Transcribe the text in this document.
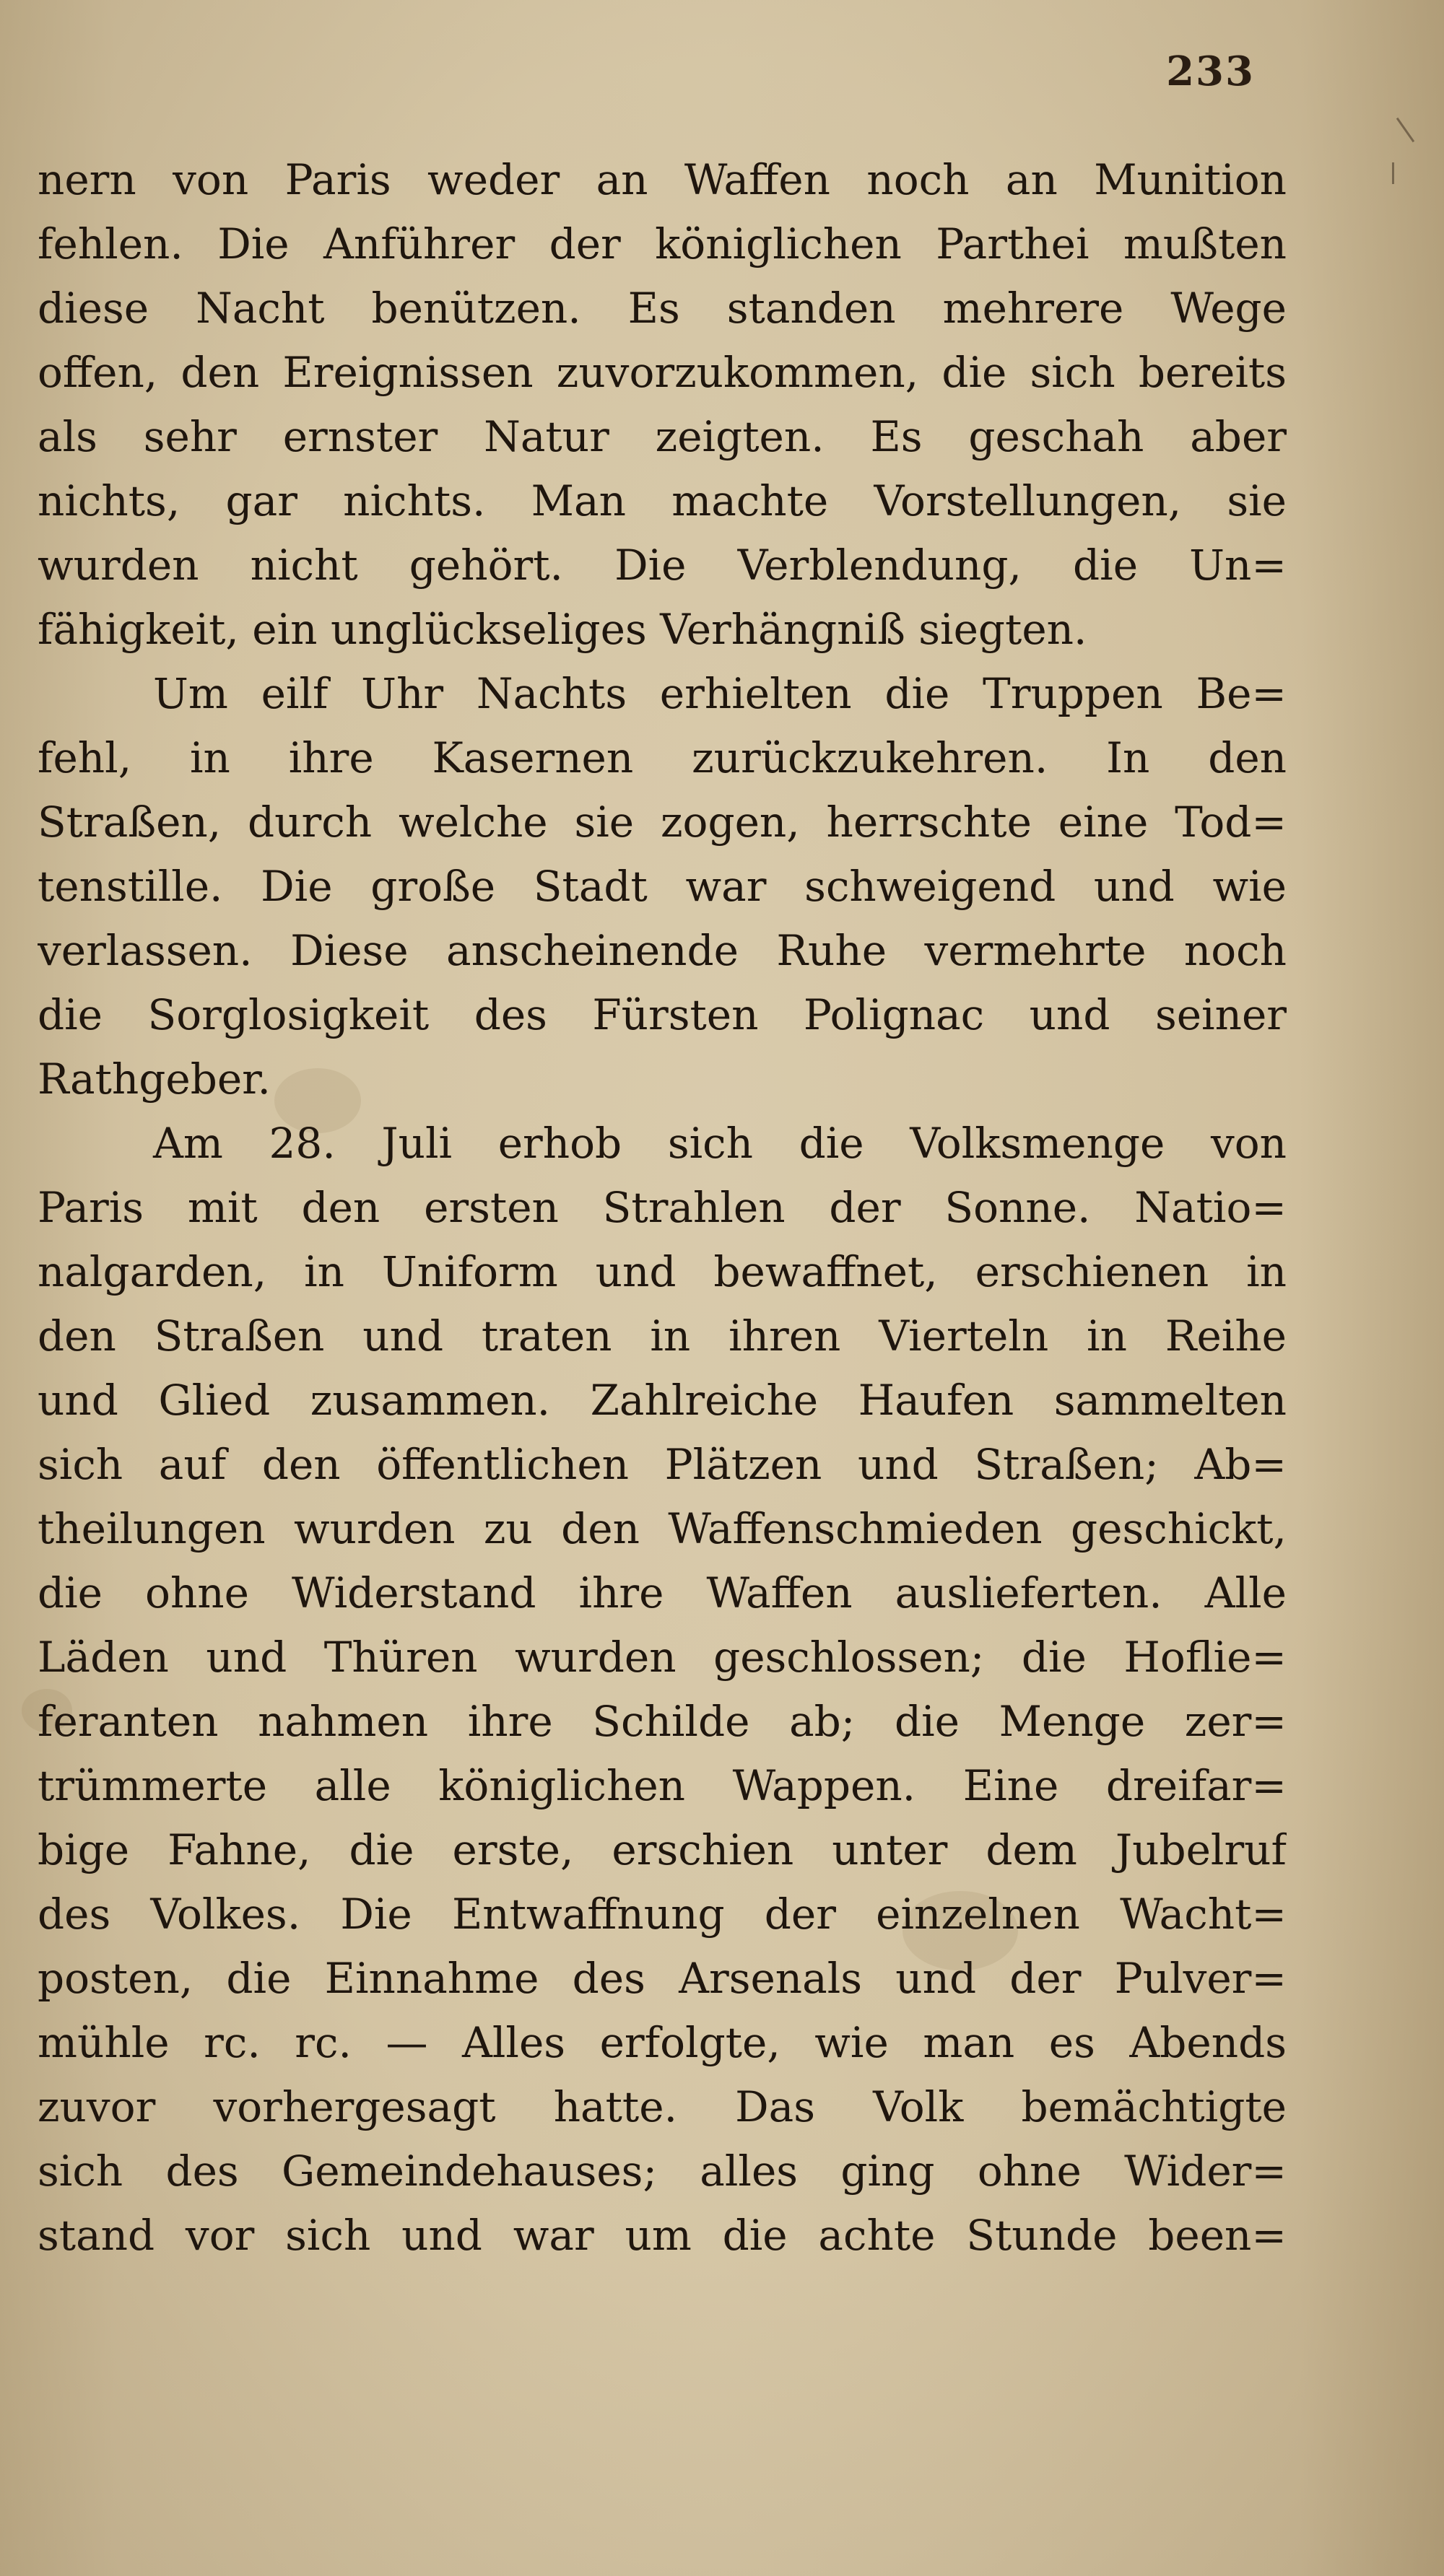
233
nern von Paris weder an Waffen noch an Munition
fehlen. Die Anführer der königlichen Parthei mußten
diese Nacht benützen. Es standen mehrere Wege
offen, den Ereignissen zuvorzukommen, die sich bereits
als sehr ernster Natur zeigten. Es geschah aber
nichts, gar nichts. Man machte Vorstellungen, sie
wurden nicht gehört. Die Verblendung, die Un=
fähigkeit, ein unglückseliges Verhängniß siegten.
Um eilf Uhr Nachts erhielten die Truppen Be=
fehl, in ihre Kasernen zurückzukehren. In den
Straßen, durch welche sie zogen, herrschte eine Tod=
tenstille. Die große Stadt war schweigend und wie
verlassen. Diese anscheinende Ruhe vermehrte noch
die Sorglosigkeit des Fürsten Polignac und seiner
Rathgeber.
Am 28. Juli erhob sich die Volksmenge von
Paris mit den ersten Strahlen der Sonne. Natio=
nalgarden, in Uniform und bewaffnet, erschienen in
den Straßen und traten in ihren Vierteln in Reihe
und Glied zusammen. Zahlreiche Haufen sammelten
sich auf den öffentlichen Plätzen und Straßen; Ab=
theilungen wurden zu den Waffenschmieden geschickt,
die ohne Widerstand ihre Waffen auslieferten. Alle
Läden und Thüren wurden geschlossen; die Hoflie=
feranten nahmen ihre Schilde ab; die Menge zer=
trümmerte alle königlichen Wappen. Eine dreifar=
bige Fahne, die erste, erschien unter dem Jubelruf
des Volkes. Die Entwaffnung der einzelnen Wacht=
posten, die Einnahme des Arsenals und der Pulver=
mühle rc. rc. — Alles erfolgte, wie man es Abends
zuvor vorhergesagt hatte. Das Volk bemächtigte
sich des Gemeindehauses; alles ging ohne Wider=
stand vor sich und war um die achte Stunde been=
